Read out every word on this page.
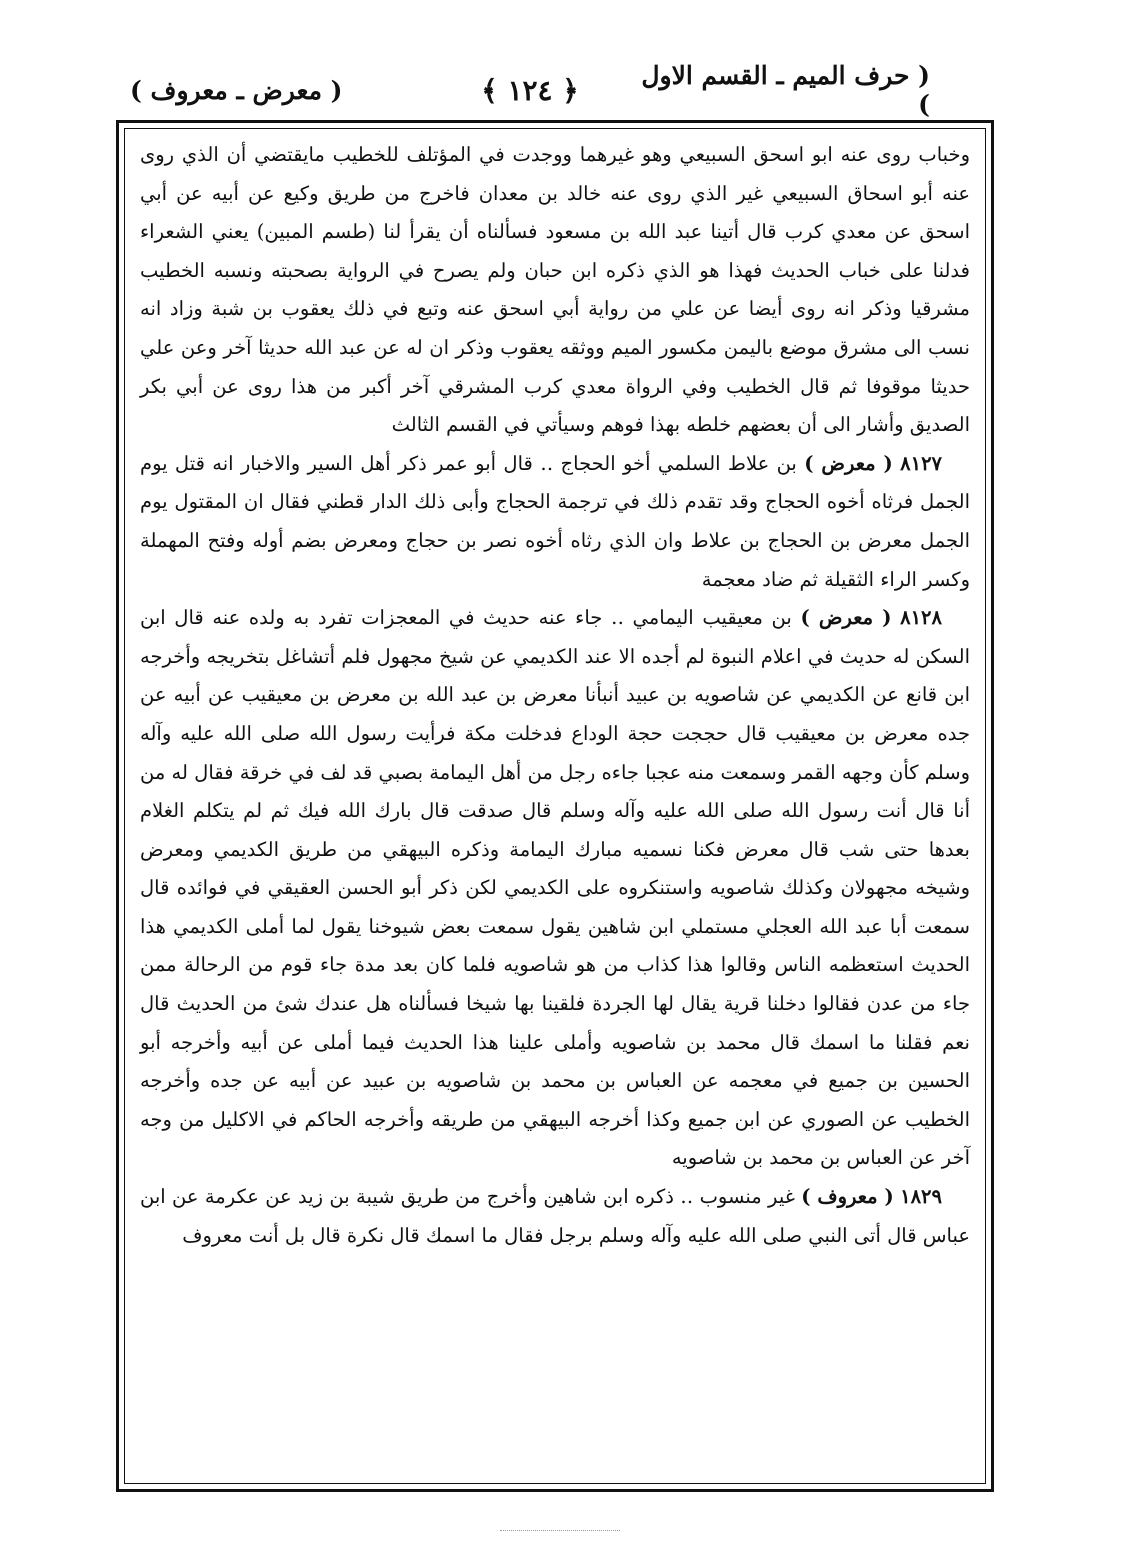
( حرف الميم ـ القسم الاول )
﴿ ١٢٤ ﴾
( معرض ـ معروف )

وخباب روى عنه ابو اسحق السبيعي وهو غيرهما ووجدت في المؤتلف للخطيب مايقتضي أن الذي روى عنه أبو اسحاق السبيعي غير الذي روى عنه خالد بن معدان فاخرج من طريق وكيع عن أبيه عن أبي اسحق عن معدي كرب قال أتينا عبد الله بن مسعود فسألناه أن يقرأ لنا (طسم المبين) يعني الشعراء فدلنا على خباب الحديث فهذا هو الذي ذكره ابن حبان ولم يصرح في الرواية بصحبته ونسبه الخطيب مشرقيا وذكر انه روى أيضا عن علي من رواية أبي اسحق عنه وتبع في ذلك يعقوب بن شبة وزاد انه نسب الى مشرق موضع باليمن مكسور الميم ووثقه يعقوب وذكر ان له عن عبد الله حديثا آخر وعن علي حديثا موقوفا ثم قال الخطيب وفي الرواة معدي كرب المشرقي آخر أكبر من هذا روى عن أبي بكر الصديق وأشار الى أن بعضهم خلطه بهذا فوهم وسيأتي في القسم الثالث

٨١٢٧ ( معرض ) بن علاط السلمي أخو الحجاج ‥ قال أبو عمر ذكر أهل السير والاخبار انه قتل يوم الجمل فرثاه أخوه الحجاج وقد تقدم ذلك في ترجمة الحجاج وأبى ذلك الدار قطني فقال ان المقتول يوم الجمل معرض بن الحجاج بن علاط وان الذي رثاه أخوه نصر بن حجاج ومعرض بضم أوله وفتح المهملة وكسر الراء الثقيلة ثم ضاد معجمة

٨١٢٨ ( معرض ) بن معيقيب اليمامي ‥ جاء عنه حديث في المعجزات تفرد به ولده عنه قال ابن السكن له حديث في اعلام النبوة لم أجده الا عند الكديمي عن شيخ مجهول فلم أتشاغل بتخريجه وأخرجه ابن قانع عن الكديمي عن شاصويه بن عبيد أنبأنا معرض بن عبد الله بن معرض بن معيقيب عن أبيه عن جده معرض بن معيقيب قال حججت حجة الوداع فدخلت مكة فرأيت رسول الله صلى الله عليه وآله وسلم كأن وجهه القمر وسمعت منه عجبا جاءه رجل من أهل اليمامة بصبي قد لف في خرقة فقال له من أنا قال أنت رسول الله صلى الله عليه وآله وسلم قال صدقت قال بارك الله فيك ثم لم يتكلم الغلام بعدها حتى شب قال معرض فكنا نسميه مبارك اليمامة وذكره البيهقي من طريق الكديمي ومعرض وشيخه مجهولان وكذلك شاصويه واستنكروه على الكديمي لكن ذكر أبو الحسن العقيقي في فوائده قال سمعت أبا عبد الله العجلي مستملي ابن شاهين يقول سمعت بعض شيوخنا يقول لما أملى الكديمي هذا الحديث استعظمه الناس وقالوا هذا كذاب من هو شاصويه فلما كان بعد مدة جاء قوم من الرحالة ممن جاء من عدن فقالوا دخلنا قرية يقال لها الجردة فلقينا بها شيخا فسألناه هل عندك شئ من الحديث قال نعم فقلنا ما اسمك قال محمد بن شاصويه وأملى علينا هذا الحديث فيما أملى عن أبيه وأخرجه أبو الحسين بن جميع في معجمه عن العباس بن محمد بن شاصويه بن عبيد عن أبيه عن جده وأخرجه الخطيب عن الصوري عن ابن جميع وكذا أخرجه البيهقي من طريقه وأخرجه الحاكم في الاكليل من وجه آخر عن العباس بن محمد بن شاصويه

١٨٢٩ ( معروف ) غير منسوب ‥ ذكره ابن شاهين وأخرج من طريق شيبة بن زيد عن عكرمة عن ابن عباس قال أتى النبي صلى الله عليه وآله وسلم برجل فقال ما اسمك قال نكرة قال بل أنت معروف
